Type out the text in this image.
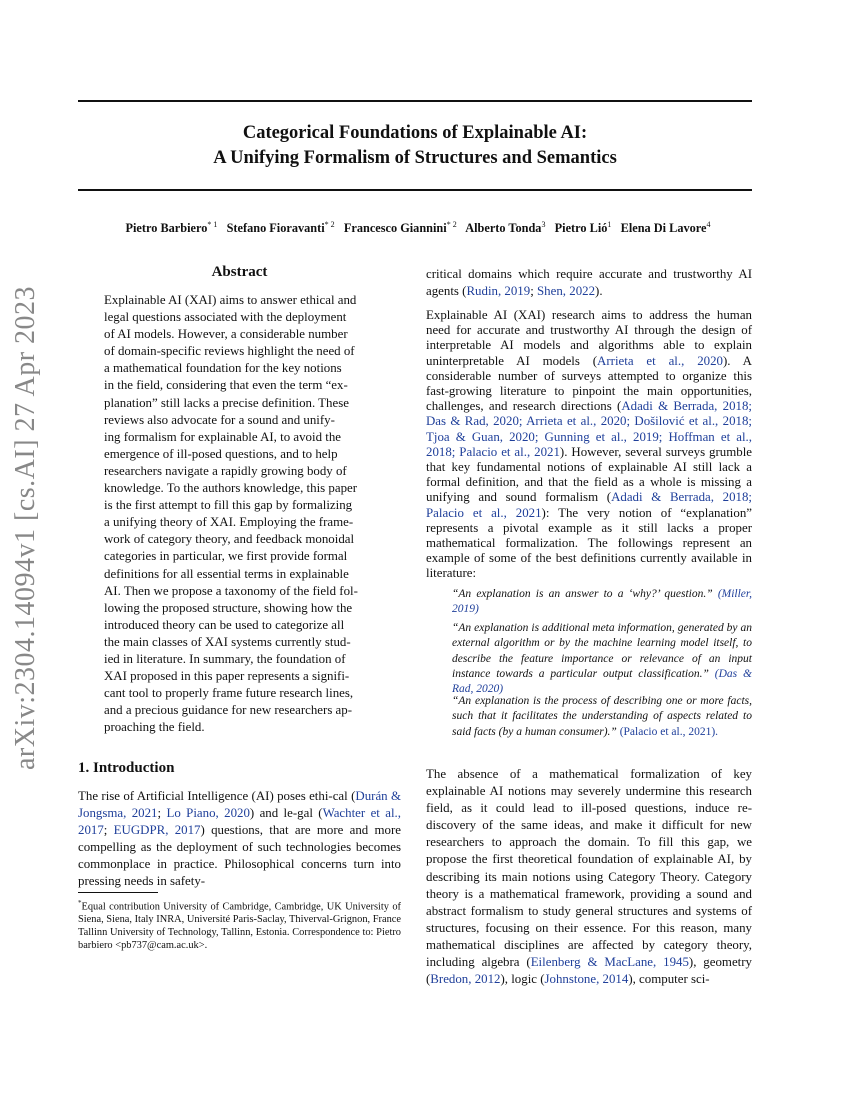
arXiv:2304.14094v1 [cs.AI] 27 Apr 2023
Categorical Foundations of Explainable AI:
A Unifying Formalism of Structures and Semantics
Pietro Barbiero$^{* 1}$ Stefano Fioravanti$^{* 2}$ Francesco Giannini$^{* 2}$ Alberto Tonda$^3$ Pietro Lió$^1$ Elena Di Lavore$^4$
Abstract
Explainable AI (XAI) aims to answer ethical and
legal questions associated with the deployment
of AI models. However, a considerable number
of domain-specific reviews highlight the need of
a mathematical foundation for the key notions
in the field, considering that even the term “ex-
planation” still lacks a precise definition. These
reviews also advocate for a sound and unify-
ing formalism for explainable AI, to avoid the
emergence of ill-posed questions, and to help
researchers navigate a rapidly growing body of
knowledge. To the authors knowledge, this paper
is the first attempt to fill this gap by formalizing
a unifying theory of XAI. Employing the frame-
work of category theory, and feedback monoidal
categories in particular, we first provide formal
definitions for all essential terms in explainable
AI. Then we propose a taxonomy of the field fol-
lowing the proposed structure, showing how the
introduced theory can be used to categorize all
the main classes of XAI systems currently stud-
ied in literature. In summary, the foundation of
XAI proposed in this paper represents a signifi-
cant tool to properly frame future research lines,
and a precious guidance for new researchers ap-
proaching the field.
1. Introduction

The rise of Artificial Intelligence (AI) poses ethi-cal (Durán & Jongsma, 2021; Lo Piano, 2020) and le-gal (Wachter et al., 2017; EUGDPR, 2017) questions, that are more and more compelling as the deployment of such technologies becomes commonplace in practice. Philosophical concerns turn into pressing needs in safety-

*Equal contribution University of Cambridge, Cambridge, UK University of Siena, Siena, Italy INRA, Université Paris-Saclay, Thiverval-Grignon, France Tallinn University of Technology, Tallinn, Estonia. Correspondence to: Pietro barbiero <pb737@cam.ac.uk>.

critical domains which require accurate and trustworthy AI agents (Rudin, 2019; Shen, 2022).

Explainable AI (XAI) research aims to address the human need for accurate and trustworthy AI through the design of interpretable AI models and algorithms able to explain uninterpretable AI models (Arrieta et al., 2020). A considerable number of surveys attempted to organize this fast-growing literature to pinpoint the main opportunities, challenges, and research directions (Adadi & Berrada, 2018; Das & Rad, 2020; Arrieta et al., 2020; Došilović et al., 2018; Tjoa & Guan, 2020; Gunning et al., 2019; Hoffman et al., 2018; Palacio et al., 2021). However, several surveys grumble that key fundamental notions of explainable AI still lack a formal definition, and that the field as a whole is missing a unifying and sound formalism (Adadi & Berrada, 2018; Palacio et al., 2021): The very notion of “explanation” represents a pivotal example as it still lacks a proper mathematical formalization. The followings represent an example of some of the best definitions currently available in literature:

“An explanation is an answer to a ‘why?’ question.” (Miller, 2019)
“An explanation is additional meta information, generated by an external algorithm or by the machine learning model itself, to describe the feature importance or relevance of an input instance towards a particular output classification.” (Das & Rad, 2020)
“An explanation is the process of describing one or more facts, such that it facilitates the understanding of aspects related to said facts (by a human consumer).” (Palacio et al., 2021).

The absence of a mathematical formalization of key explainable AI notions may severely undermine this research field, as it could lead to ill-posed questions, induce re-discovery of the same ideas, and make it difficult for new researchers to approach the domain. To fill this gap, we propose the first theoretical foundation of explainable AI, by describing its main notions using Category Theory. Category theory is a mathematical framework, providing a sound and abstract formalism to study general structures and systems of structures, focusing on their essence. For this reason, many mathematical disciplines are affected by category theory, including algebra (Eilenberg & MacLane, 1945), geometry (Bredon, 2012), logic (Johnstone, 2014), computer sci-
